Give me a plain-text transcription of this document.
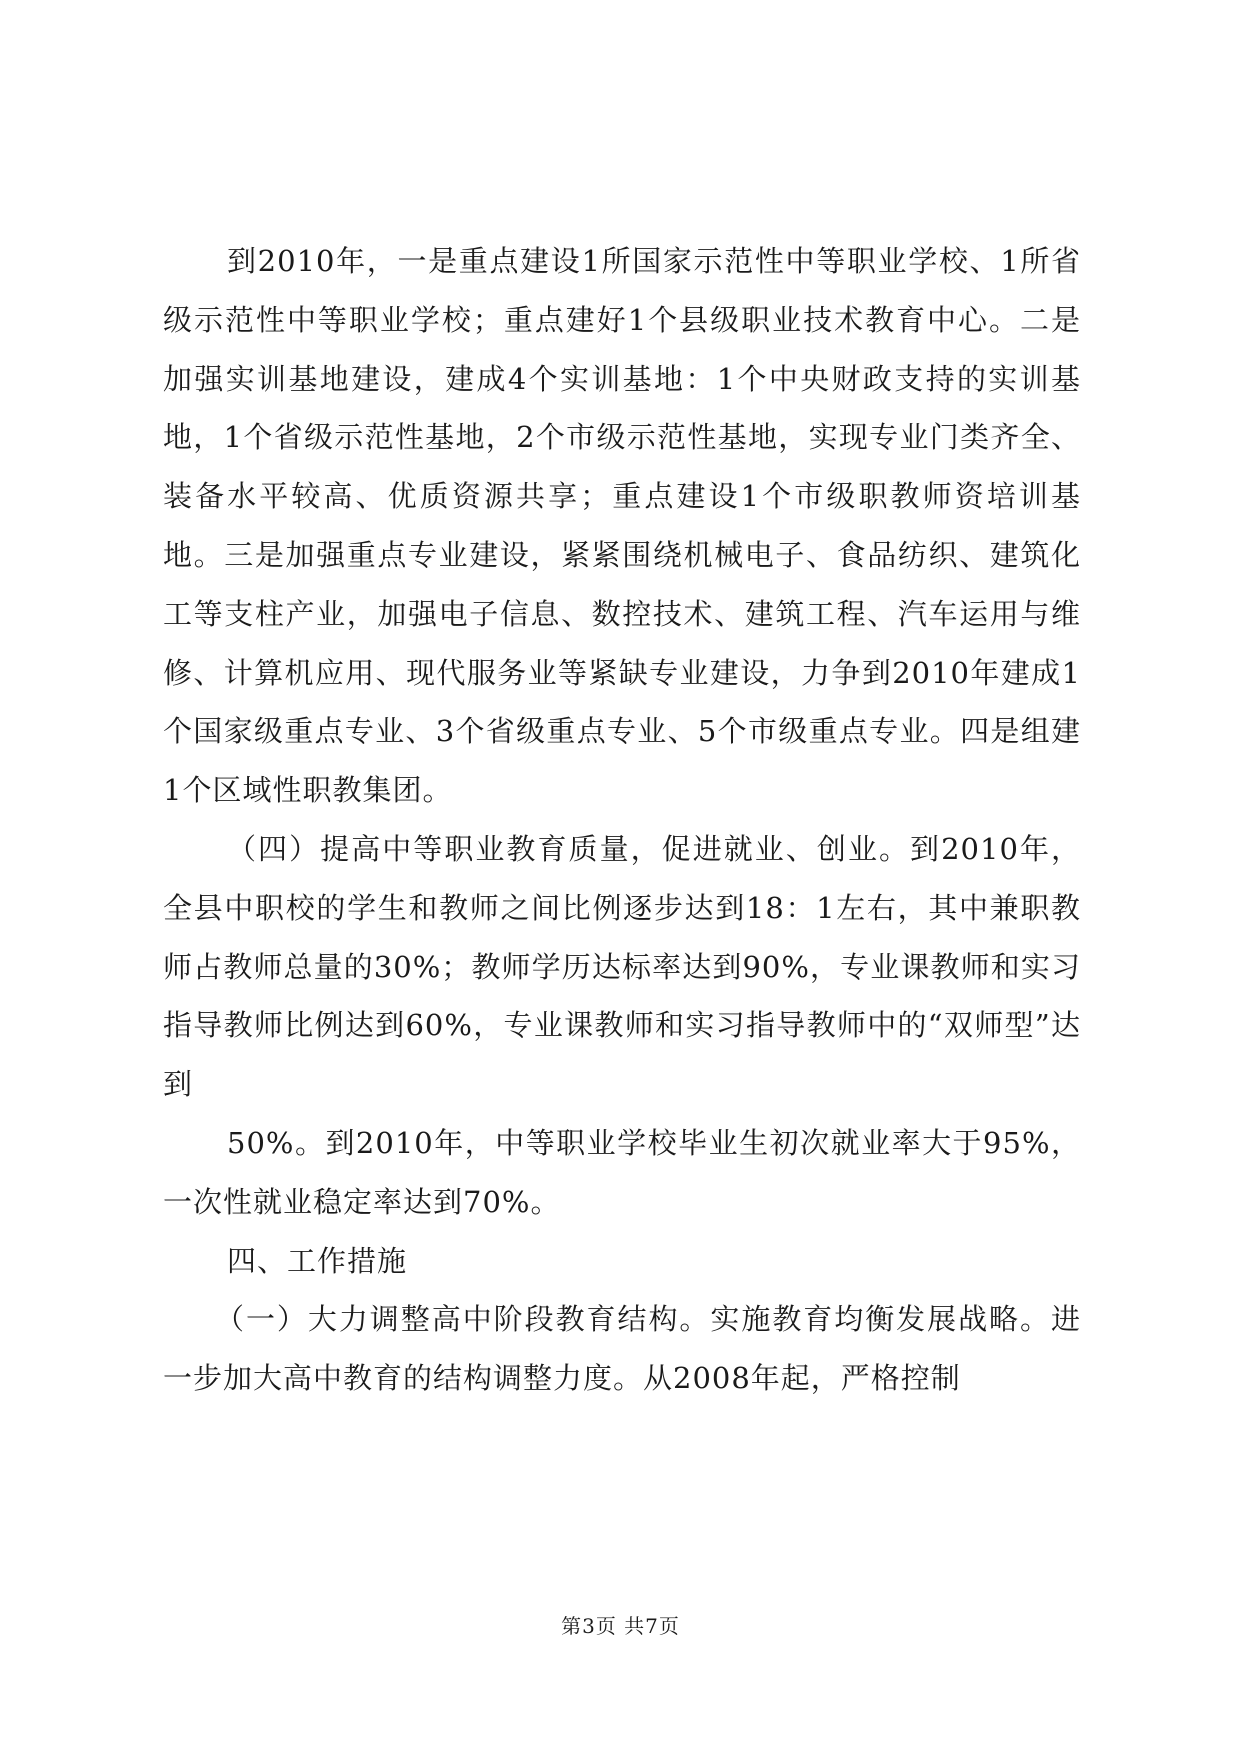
到2010年，一是重点建设1所国家示范性中等职业学校、1所省级示范性中等职业学校；重点建好1个县级职业技术教育中心。二是加强实训基地建设，建成4个实训基地：1个中央财政支持的实训基地，1个省级示范性基地，2个市级示范性基地，实现专业门类齐全、装备水平较高、优质资源共享；重点建设1个市级职教师资培训基地。三是加强重点专业建设，紧紧围绕机械电子、食品纺织、建筑化工等支柱产业，加强电子信息、数控技术、建筑工程、汽车运用与维修、计算机应用、现代服务业等紧缺专业建设，力争到2010年建成1个国家级重点专业、3个省级重点专业、5个市级重点专业。四是组建1个区域性职教集团。

（四）提高中等职业教育质量，促进就业、创业。到2010年，全县中职校的学生和教师之间比例逐步达到18：1左右，其中兼职教师占教师总量的30%；教师学历达标率达到90%，专业课教师和实习指导教师比例达到60%，专业课教师和实习指导教师中的“双师型”达到

50%。到2010年，中等职业学校毕业生初次就业率大于95%，一次性就业稳定率达到70%。

四、工作措施

（一）大力调整高中阶段教育结构。实施教育均衡发展战略。进一步加大高中教育的结构调整力度。从2008年起，严格控制

第3页 共7页
